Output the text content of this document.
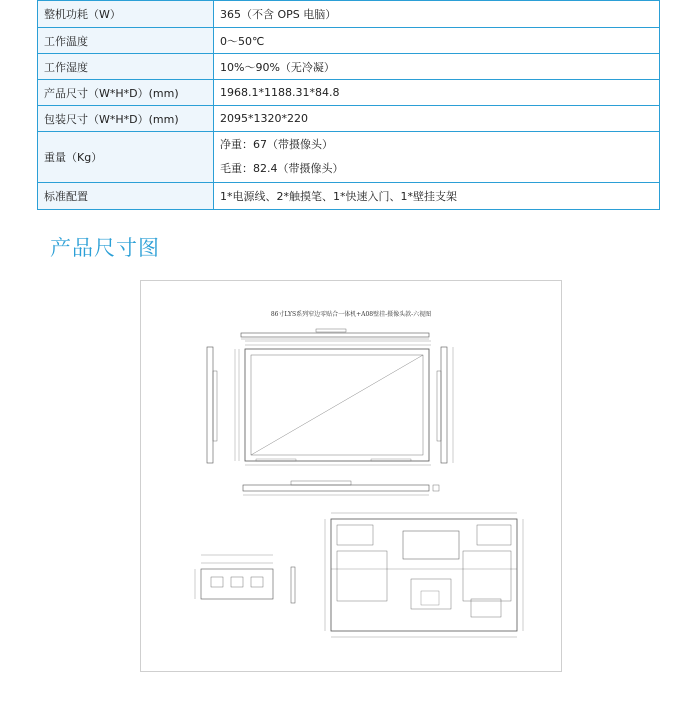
整机功耗（W）	365（不含 OPS 电脑）
工作温度	0～50℃
工作湿度	10%～90%（无冷凝）
产品尺寸（W*H*D）(mm)	1968.1*1188.31*84.8
包装尺寸（W*H*D）(mm)	2095*1320*220
重量（Kg）	净重：67（带摄像头）
毛重：82.4（带摄像头）

标准配置	1*电源线、2*触摸笔、1*快速入门、1*壁挂支架
产品尺寸图
86寸LYS系列窄边零贴合一体机+A08壁挂-摄像头款-六视图
